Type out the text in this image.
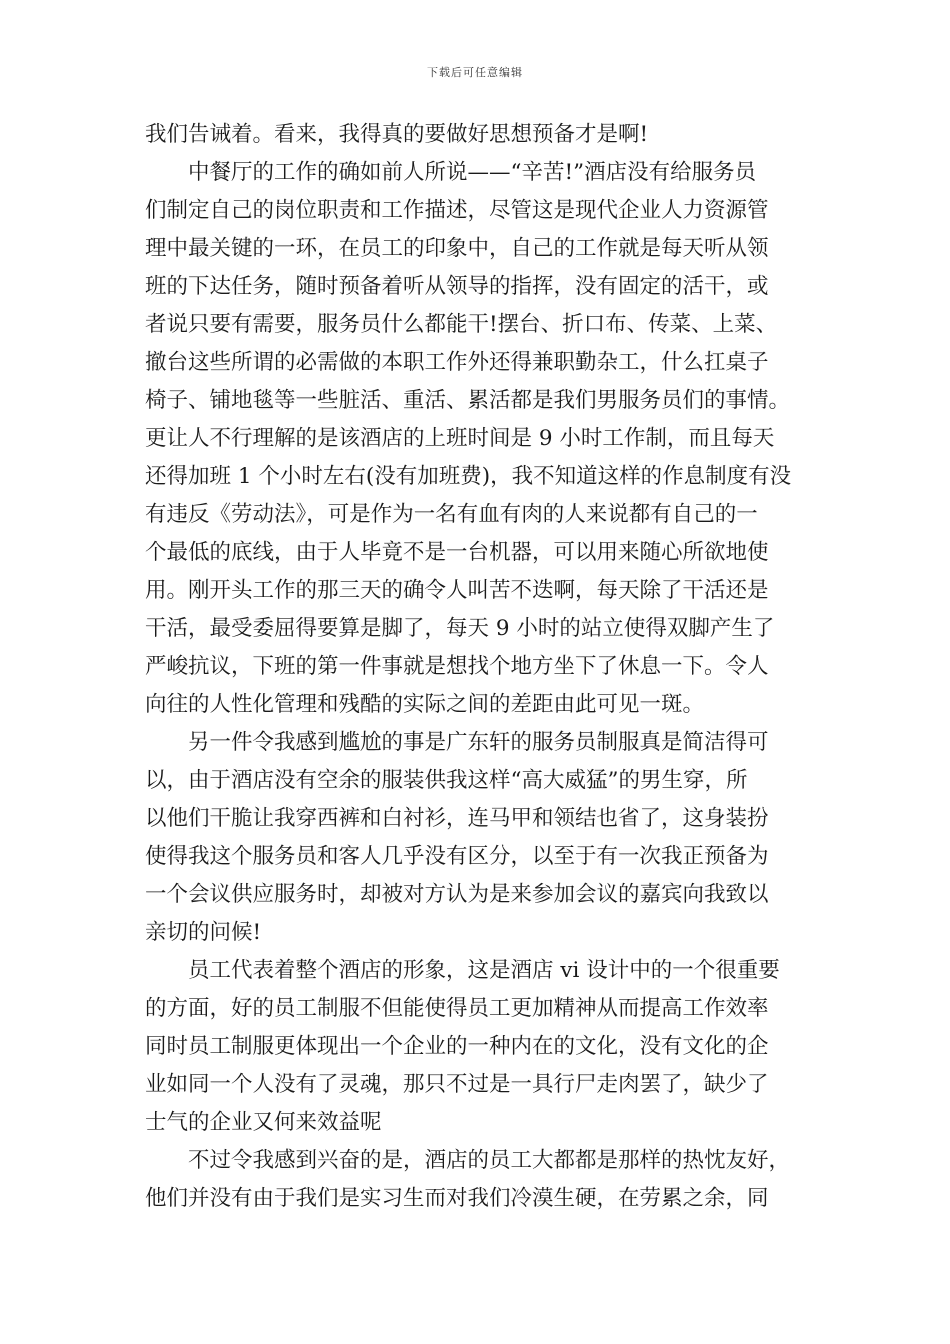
下载后可任意编辑
我们告诫着。看来，我得真的要做好思想预备才是啊!
中餐厅的工作的确如前人所说——“辛苦!”酒店没有给服务员
们制定自己的岗位职责和工作描述，尽管这是现代企业人力资源管
理中最关键的一环，在员工的印象中，自己的工作就是每天听从领
班的下达任务，随时预备着听从领导的指挥，没有固定的活干，或
者说只要有需要，服务员什么都能干!摆台、折口布、传菜、上菜、
撤台这些所谓的必需做的本职工作外还得兼职勤杂工，什么扛桌子
椅子、铺地毯等一些脏活、重活、累活都是我们男服务员们的事情。
更让人不行理解的是该酒店的上班时间是 9 小时工作制，而且每天
还得加班 1 个小时左右(没有加班费)，我不知道这样的作息制度有没
有违反《劳动法》，可是作为一名有血有肉的人来说都有自己的一
个最低的底线，由于人毕竟不是一台机器，可以用来随心所欲地使
用。刚开头工作的那三天的确令人叫苦不迭啊，每天除了干活还是
干活，最受委屈得要算是脚了，每天 9 小时的站立使得双脚产生了
严峻抗议，下班的第一件事就是想找个地方坐下了休息一下。令人
向往的人性化管理和残酷的实际之间的差距由此可见一斑。
另一件令我感到尴尬的事是广东轩的服务员制服真是简洁得可
以，由于酒店没有空余的服装供我这样“高大威猛”的男生穿，所
以他们干脆让我穿西裤和白衬衫，连马甲和领结也省了，这身装扮
使得我这个服务员和客人几乎没有区分，以至于有一次我正预备为
一个会议供应服务时，却被对方认为是来参加会议的嘉宾向我致以
亲切的问候!
员工代表着整个酒店的形象，这是酒店 vi 设计中的一个很重要
的方面，好的员工制服不但能使得员工更加精神从而提高工作效率
同时员工制服更体现出一个企业的一种内在的文化，没有文化的企
业如同一个人没有了灵魂，那只不过是一具行尸走肉罢了，缺少了
士气的企业又何来效益呢
不过令我感到兴奋的是，酒店的员工大都都是那样的热忱友好，
他们并没有由于我们是实习生而对我们冷漠生硬，在劳累之余，同
